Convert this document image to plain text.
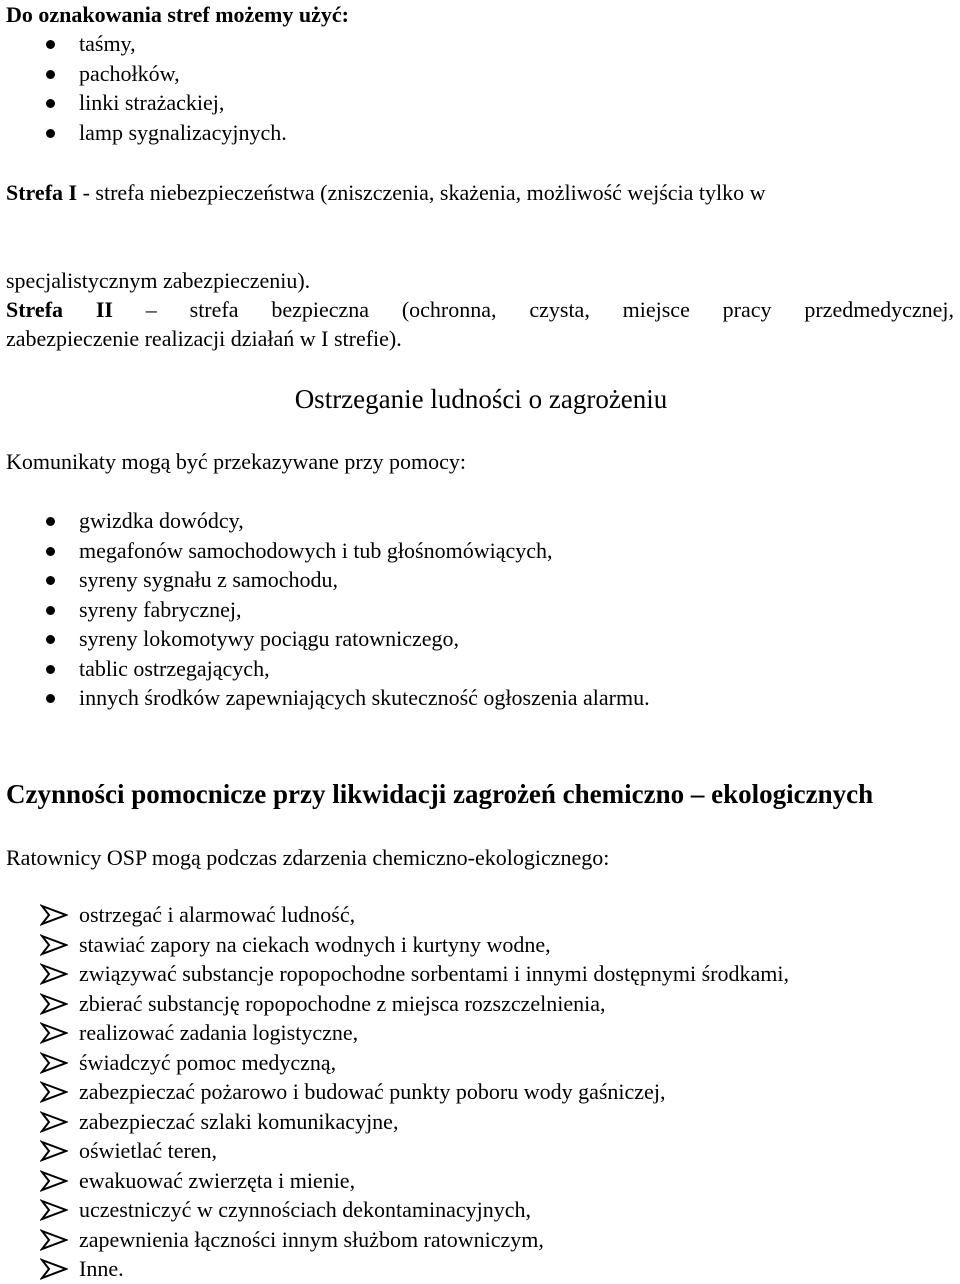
Do oznakowania stref możemy użyć:
taśmy,
pachołków,
linki strażackiej,
lamp sygnalizacyjnych.
Strefa I - strefa niebezpieczeństwa (zniszczenia, skażenia, możliwość wejścia tylko w
specjalistycznym zabezpieczeniu).
Strefa II – strefa bezpieczna (ochronna, czysta, miejsce pracy przedmedycznej,
zabezpieczenie realizacji działań w I strefie).
Ostrzeganie ludności o zagrożeniu
Komunikaty mogą być przekazywane przy pomocy:
gwizdka dowódcy,
megafonów samochodowych i tub głośnomówiących,
syreny sygnału z samochodu,
syreny fabrycznej,
syreny lokomotywy pociągu ratowniczego,
tablic ostrzegających,
innych środków zapewniających skuteczność ogłoszenia alarmu.
Czynności pomocnicze przy likwidacji zagrożeń chemiczno – ekologicznych
Ratownicy OSP mogą podczas zdarzenia chemiczno-ekologicznego:
ostrzegać i alarmować ludność,
stawiać zapory na ciekach wodnych i kurtyny wodne,
związywać substancje ropopochodne sorbentami i innymi dostępnymi środkami,
zbierać substancję ropopochodne z miejsca rozszczelnienia,
realizować zadania logistyczne,
świadczyć pomoc medyczną,
zabezpieczać pożarowo i budować punkty poboru wody gaśniczej,
zabezpieczać szlaki komunikacyjne,
oświetlać teren,
ewakuować zwierzęta i mienie,
uczestniczyć w czynnościach dekontaminacyjnych,
zapewnienia łączności innym służbom ratowniczym,
Inne.
